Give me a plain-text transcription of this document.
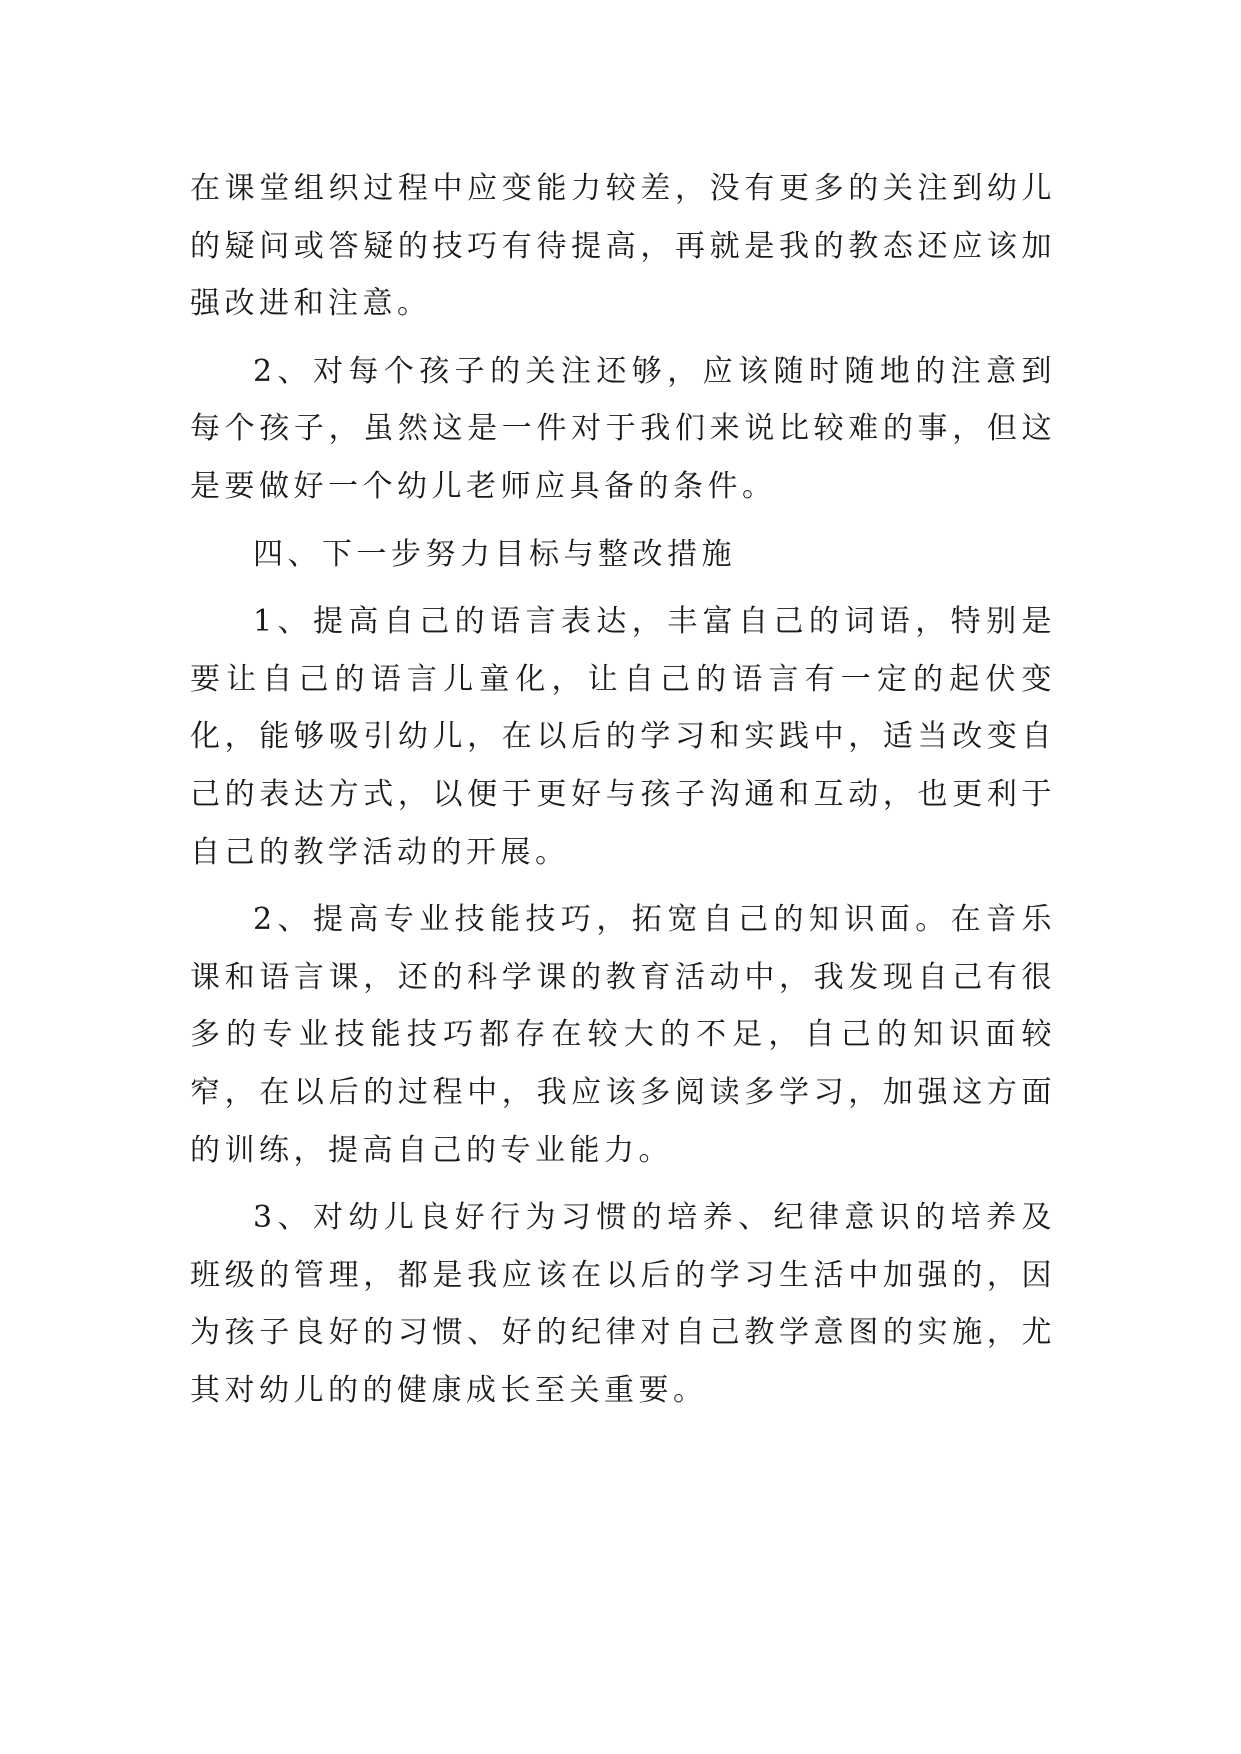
在课堂组织过程中应变能力较差，没有更多的关注到幼儿的疑问或答疑的技巧有待提高，再就是我的教态还应该加强改进和注意。

2、对每个孩子的关注还够，应该随时随地的注意到每个孩子，虽然这是一件对于我们来说比较难的事，但这是要做好一个幼儿老师应具备的条件。

四、下一步努力目标与整改措施

1、提高自己的语言表达，丰富自己的词语，特别是要让自己的语言儿童化，让自己的语言有一定的起伏变化，能够吸引幼儿，在以后的学习和实践中，适当改变自己的表达方式，以便于更好与孩子沟通和互动，也更利于自己的教学活动的开展。

2、提高专业技能技巧，拓宽自己的知识面。在音乐课和语言课，还的科学课的教育活动中，我发现自己有很多的专业技能技巧都存在较大的不足，自己的知识面较窄，在以后的过程中，我应该多阅读多学习，加强这方面的训练，提高自己的专业能力。

3、对幼儿良好行为习惯的培养、纪律意识的培养及班级的管理，都是我应该在以后的学习生活中加强的，因为孩子良好的习惯、好的纪律对自己教学意图的实施，尤其对幼儿的的健康成长至关重要。
